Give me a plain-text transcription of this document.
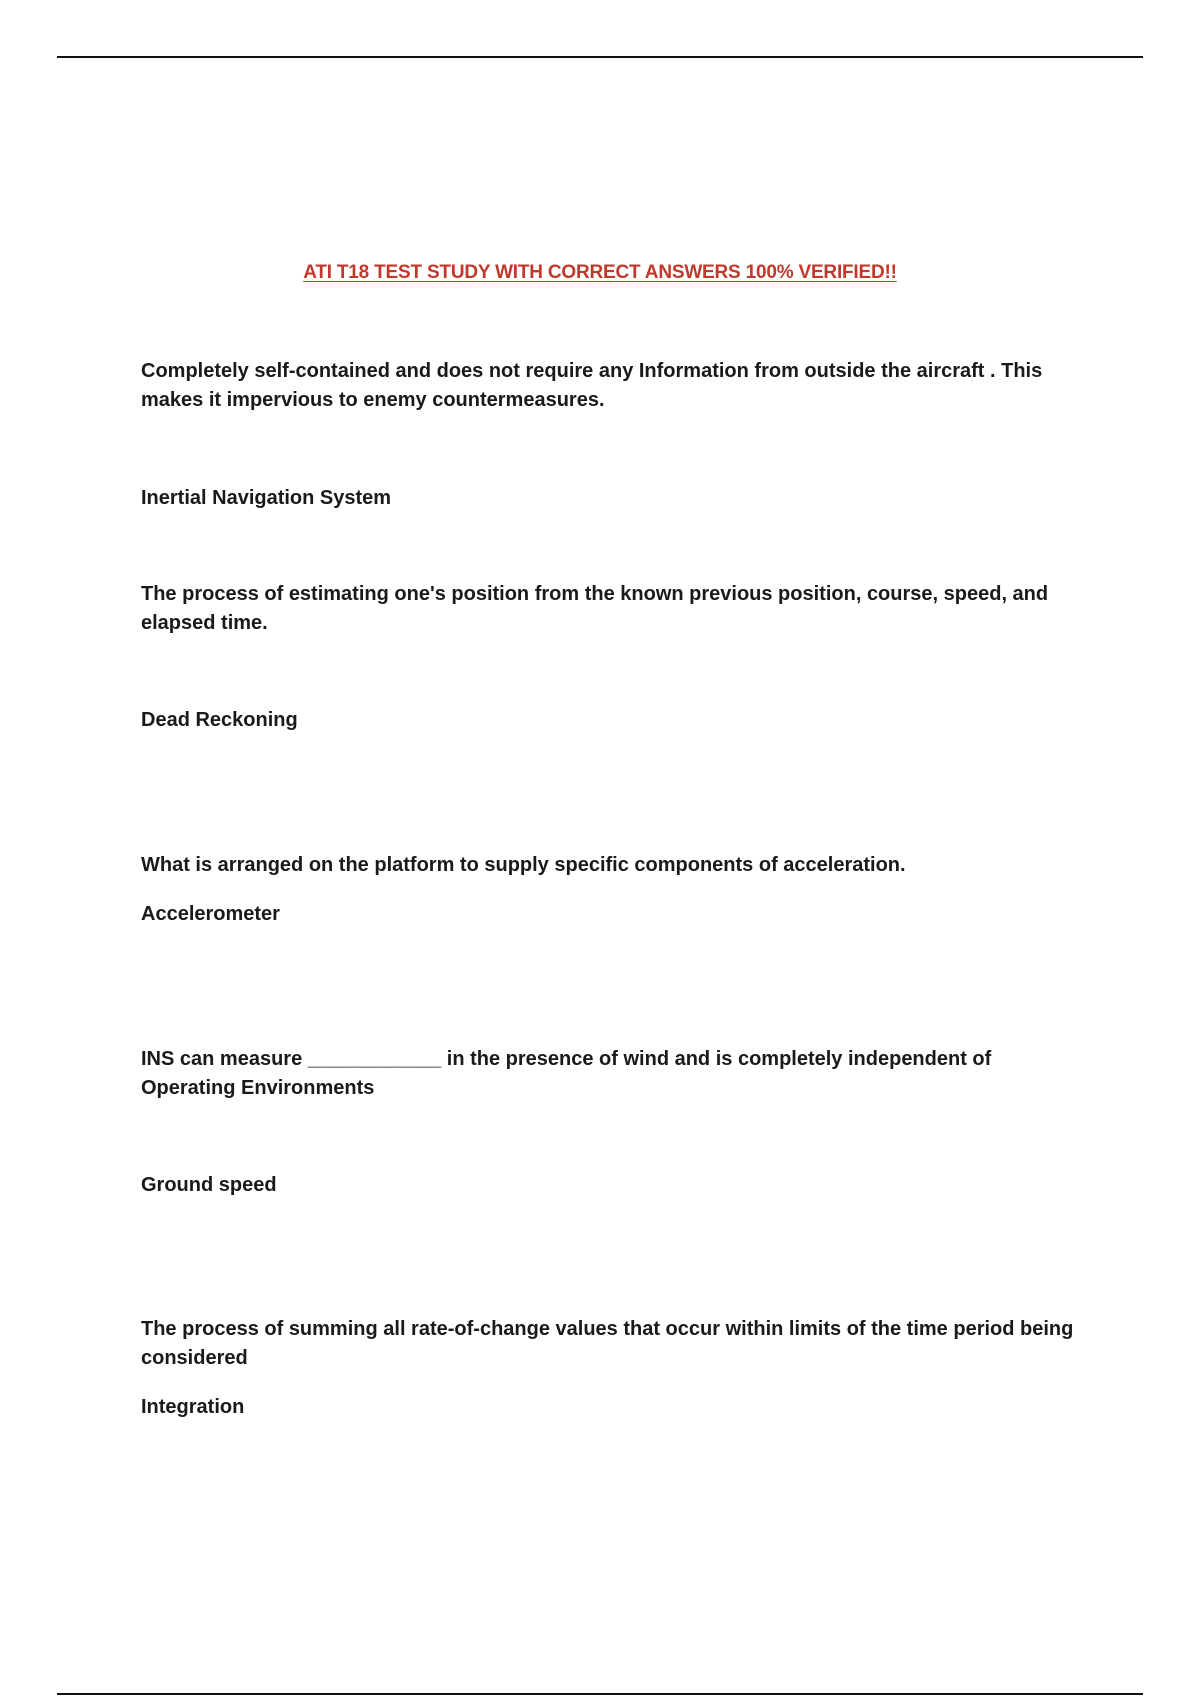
ATI T18 TEST STUDY WITH CORRECT ANSWERS 100% VERIFIED!!
Completely self-contained and does not require any Information from outside the aircraft . This makes it impervious to enemy countermeasures.
Inertial Navigation System
The process of estimating one's position from the known previous position, course, speed, and elapsed time.
Dead Reckoning
What is arranged on the platform to supply specific components of acceleration.
Accelerometer
INS can measure ____________ in the presence of wind and is completely independent of Operating Environments
Ground speed
The process of summing all rate-of-change values that occur within limits of the time period being considered
Integration
